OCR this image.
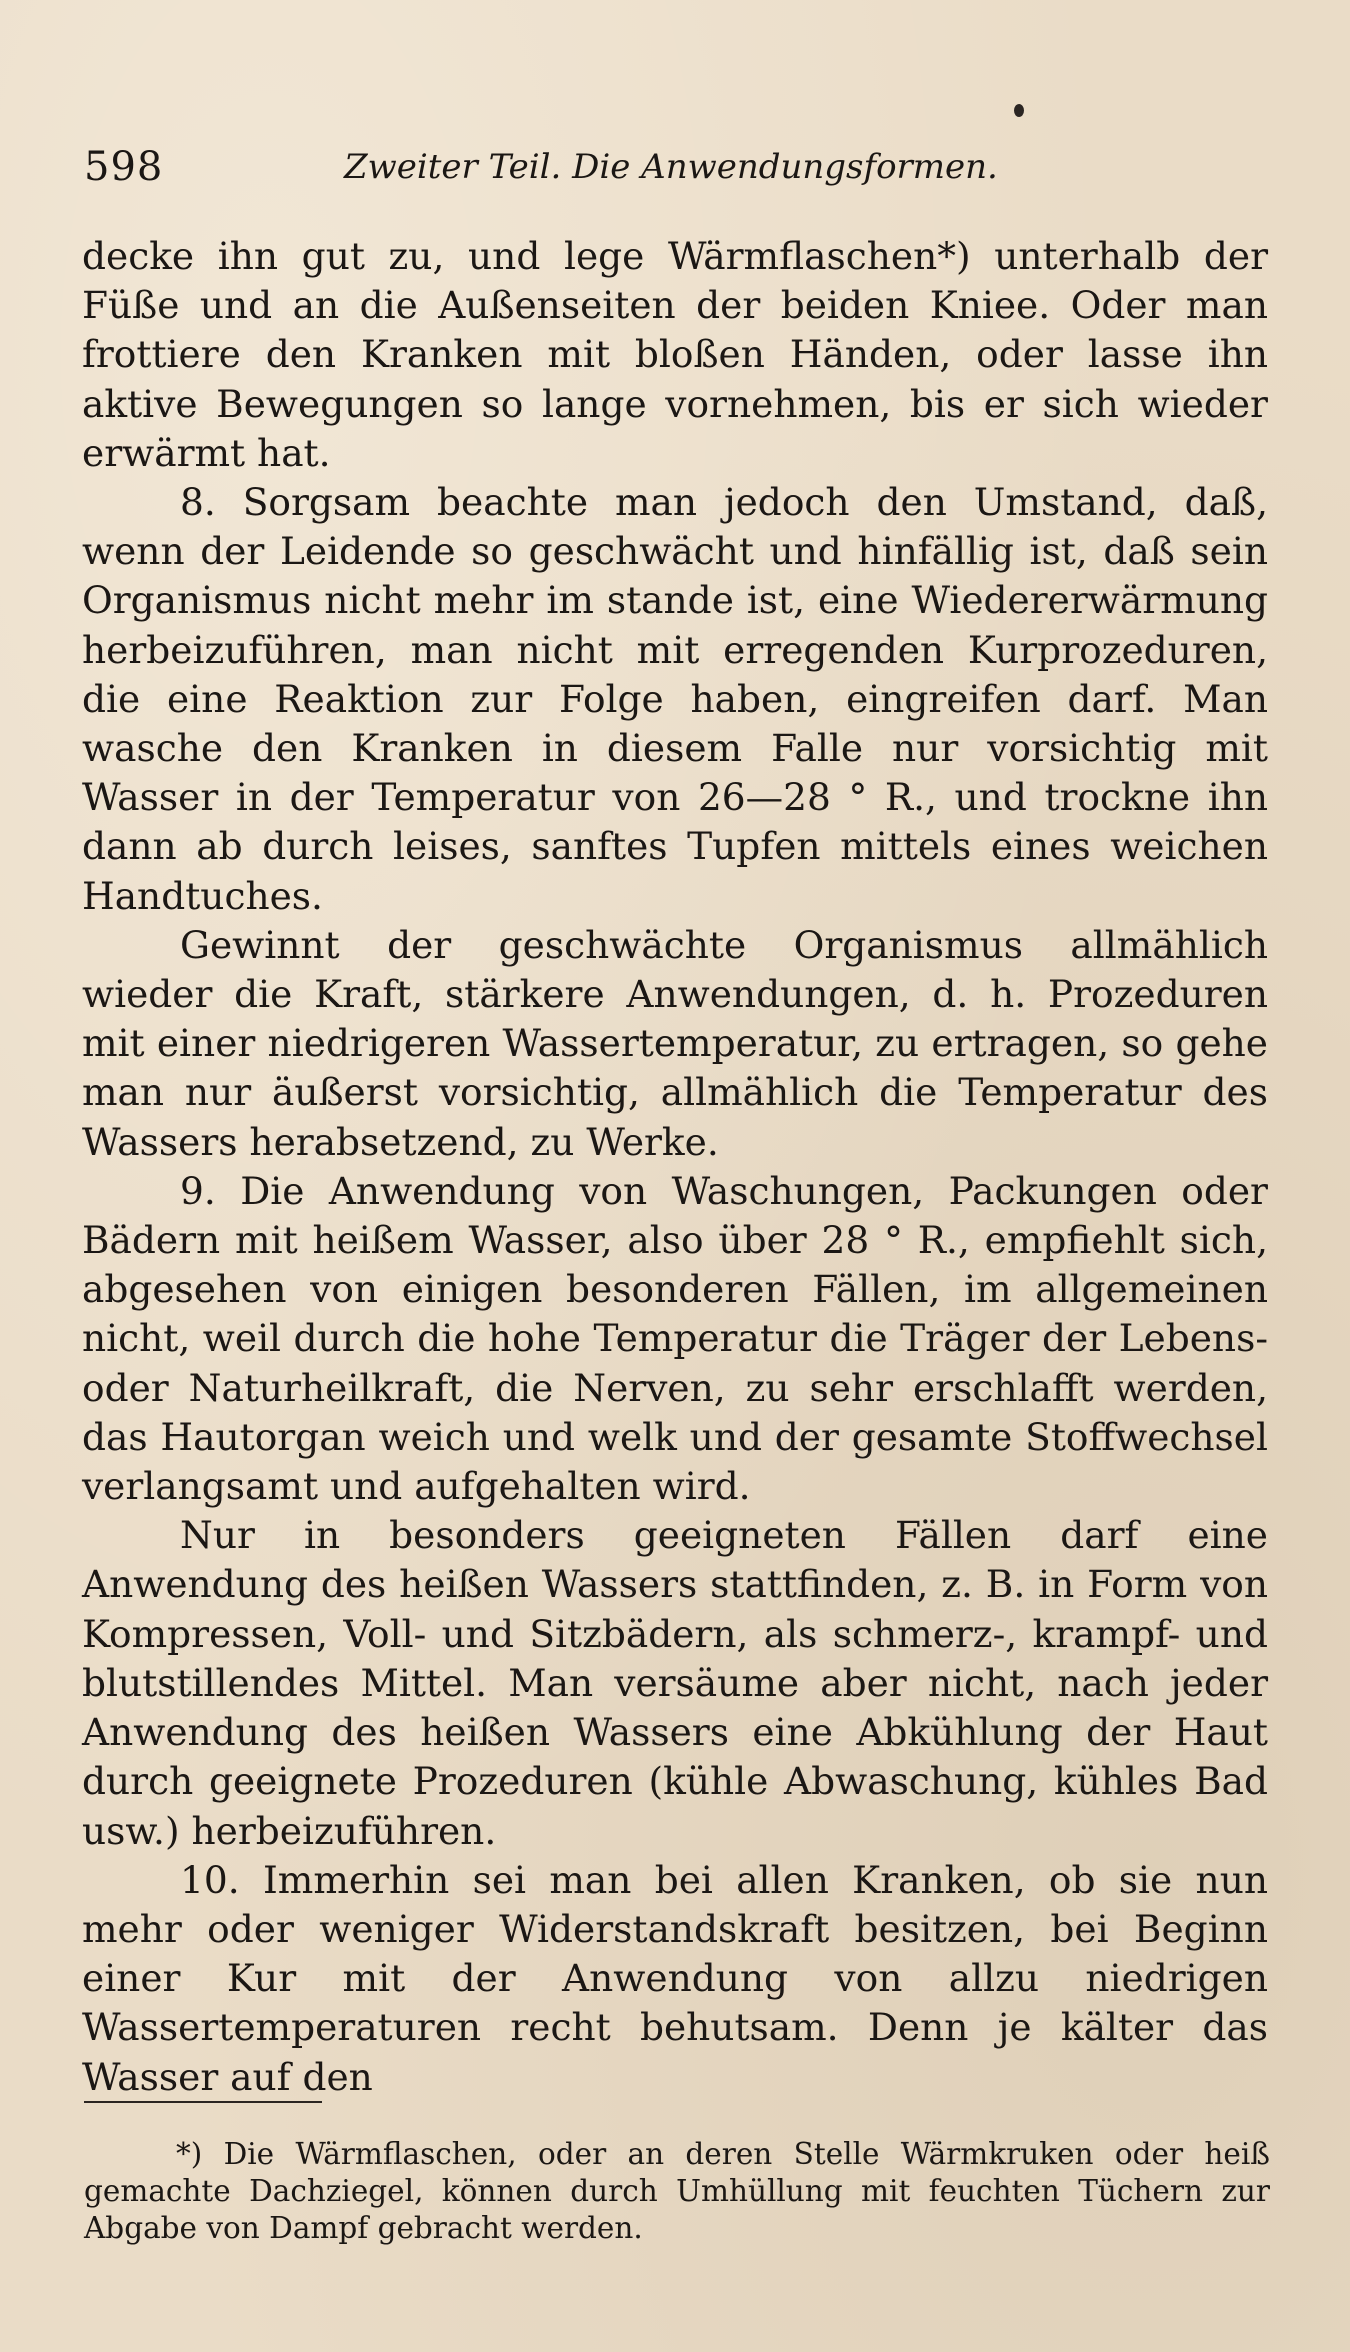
598	Zweiter Teil. Die Anwendungsformen.

decke ihn gut zu, und lege Wärmflaschen*) unterhalb der Füße und an die Außenseiten der beiden Kniee. Oder man frottiere den Kranken mit bloßen Händen, oder lasse ihn aktive Bewegungen so lange vornehmen, bis er sich wieder erwärmt hat.

8. Sorgsam beachte man jedoch den Umstand, daß, wenn der Leidende so geschwächt und hinfällig ist, daß sein Organismus nicht mehr im stande ist, eine Wiedererwärmung herbeizuführen, man nicht mit erregenden Kurprozeduren, die eine Reaktion zur Folge haben, eingreifen darf. Man wasche den Kranken in diesem Falle nur vorsichtig mit Wasser in der Temperatur von 26—28 ° R., und trockne ihn dann ab durch leises, sanftes Tupfen mittels eines weichen Handtuches.

Gewinnt der geschwächte Organismus allmählich wieder die Kraft, stärkere Anwendungen, d. h. Prozeduren mit einer niedrigeren Wassertemperatur, zu ertragen, so gehe man nur äußerst vorsichtig, allmählich die Temperatur des Wassers herabsetzend, zu Werke.

9. Die Anwendung von Waschungen, Packungen oder Bädern mit heißem Wasser, also über 28 ° R., empfiehlt sich, abgesehen von einigen besonderen Fällen, im allgemeinen nicht, weil durch die hohe Temperatur die Träger der Lebens- oder Naturheilkraft, die Nerven, zu sehr erschlafft werden, das Hautorgan weich und welk und der gesamte Stoffwechsel verlangsamt und aufgehalten wird.

Nur in besonders geeigneten Fällen darf eine Anwendung des heißen Wassers stattfinden, z. B. in Form von Kompressen, Voll- und Sitzbädern, als schmerz-, krampf- und blutstillendes Mittel. Man versäume aber nicht, nach jeder Anwendung des heißen Wassers eine Abkühlung der Haut durch geeignete Prozeduren (kühle Abwaschung, kühles Bad usw.) herbeizuführen.

10. Immerhin sei man bei allen Kranken, ob sie nun mehr oder weniger Widerstandskraft besitzen, bei Beginn einer Kur mit der Anwendung von allzu niedrigen Wassertemperaturen recht behutsam. Denn je kälter das Wasser auf den

*) Die Wärmflaschen, oder an deren Stelle Wärmkruken oder heiß gemachte Dachziegel, können durch Umhüllung mit feuchten Tüchern zur Abgabe von Dampf gebracht werden.
